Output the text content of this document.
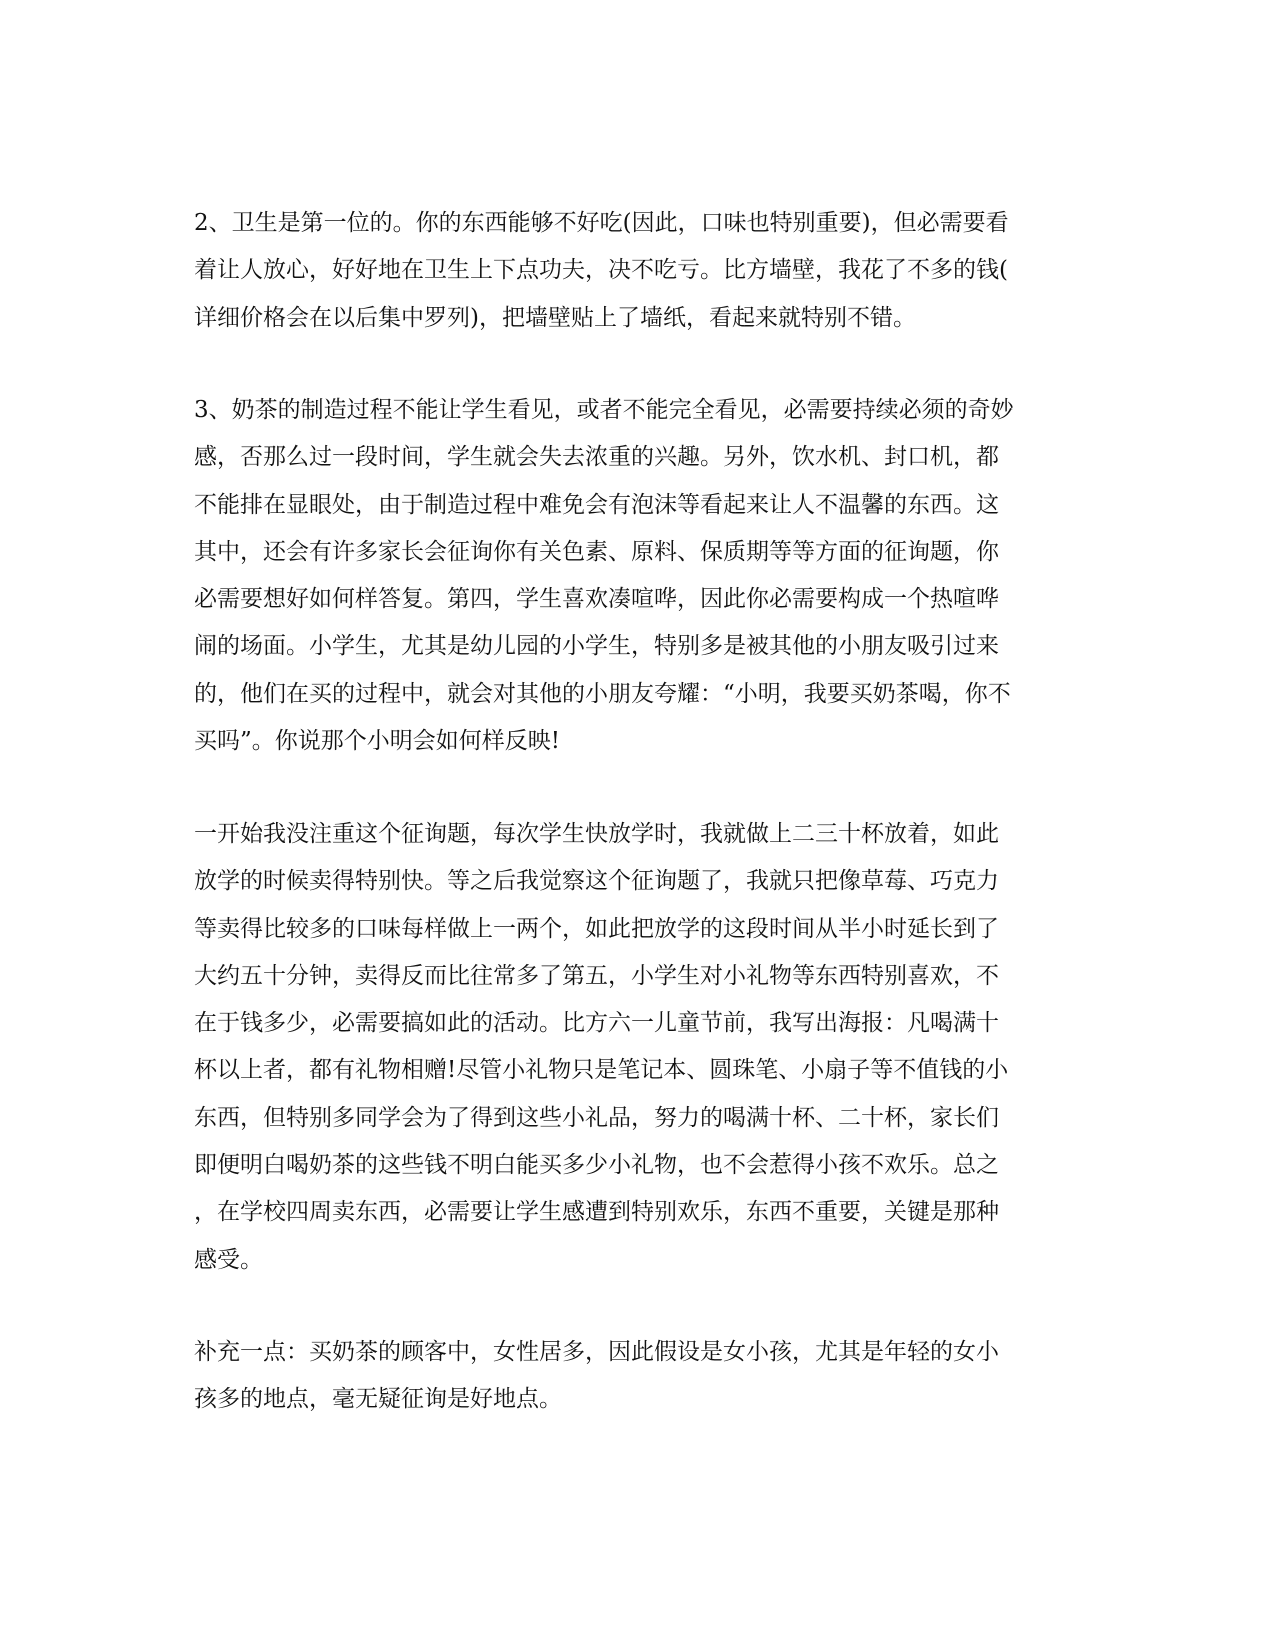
2、卫生是第一位的。你的东西能够不好吃(因此，口味也特别重要)，但必需要看
着让人放心，好好地在卫生上下点功夫，决不吃亏。比方墙壁，我花了不多的钱(
详细价格会在以后集中罗列)，把墙壁贴上了墙纸，看起来就特别不错。
3、奶茶的制造过程不能让学生看见，或者不能完全看见，必需要持续必须的奇妙
感，否那么过一段时间，学生就会失去浓重的兴趣。另外，饮水机、封口机，都
不能排在显眼处，由于制造过程中难免会有泡沫等看起来让人不温馨的东西。这
其中，还会有许多家长会征询你有关色素、原料、保质期等等方面的征询题，你
必需要想好如何样答复。第四，学生喜欢凑喧哗，因此你必需要构成一个热喧哗
闹的场面。小学生，尤其是幼儿园的小学生，特别多是被其他的小朋友吸引过来
的，他们在买的过程中，就会对其他的小朋友夸耀：“小明，我要买奶茶喝，你不
买吗”。你说那个小明会如何样反映!
一开始我没注重这个征询题，每次学生快放学时，我就做上二三十杯放着，如此
放学的时候卖得特别快。等之后我觉察这个征询题了，我就只把像草莓、巧克力
等卖得比较多的口味每样做上一两个，如此把放学的这段时间从半小时延长到了
大约五十分钟，卖得反而比往常多了第五，小学生对小礼物等东西特别喜欢，不
在于钱多少，必需要搞如此的活动。比方六一儿童节前，我写出海报：凡喝满十
杯以上者，都有礼物相赠!尽管小礼物只是笔记本、圆珠笔、小扇子等不值钱的小
东西，但特别多同学会为了得到这些小礼品，努力的喝满十杯、二十杯，家长们
即便明白喝奶茶的这些钱不明白能买多少小礼物，也不会惹得小孩不欢乐。总之
，在学校四周卖东西，必需要让学生感遭到特别欢乐，东西不重要，关键是那种
感受。
补充一点：买奶茶的顾客中，女性居多，因此假设是女小孩，尤其是年轻的女小
孩多的地点，毫无疑征询是好地点。
